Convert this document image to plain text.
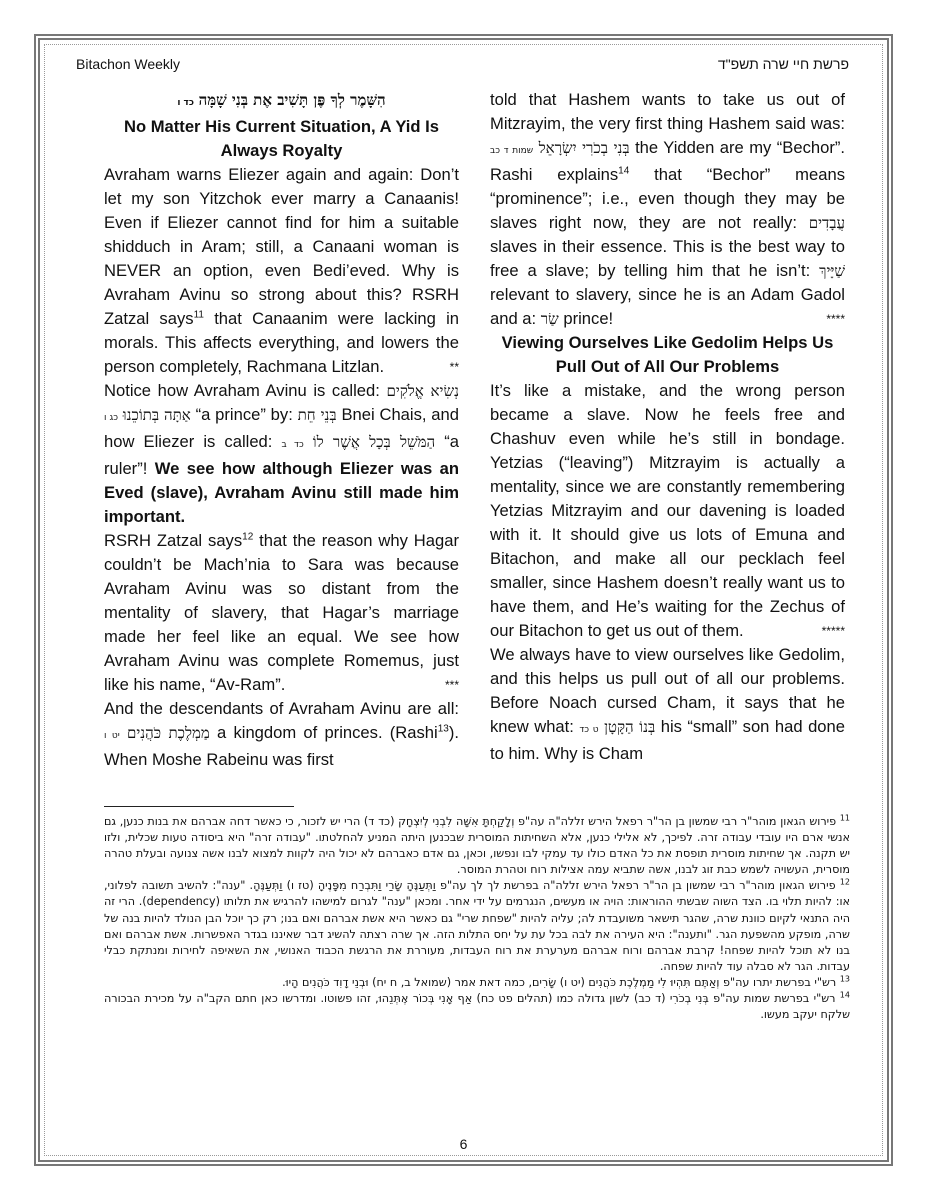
Bitachon Weekly	פרשת חיי שרה תשפ"ד

הִשָּׁמֶר לְךָ פֶּן תָּשִׁיב אֶת בְּנִי שָׁמָּה כד ו

No Matter His Current Situation, A Yid Is Always Royalty

Avraham warns Eliezer again and again: Don’t let my son Yitzchok ever marry a Canaanis! Even if Eliezer cannot find for him a suitable shidduch in Aram; still, a Canaani woman is NEVER an option, even Bedi’eved. Why is Avraham Avinu so strong about this? RSRH Zatzal says$^{11}$ that Canaanim were lacking in morals. This affects everything, and lowers the person completely, Rachmana Litzlan.	**

Notice how Avraham Avinu is called: נְשִׂיא אֱלֹקִים אַתָּה בְּתוֹכֵנוּ כג ו	“a prince” by: בְּנֵי חֵת Bnei Chais, and how Eliezer is called: הַמֹּשֵׁל בְּכָל אֲשֶׁר לוֹ כד ב	“a ruler”! We see how although Eliezer was an Eved (slave), Avraham Avinu still made him important.

RSRH Zatzal says$^{12}$ that the reason why Hagar couldn’t be Mach’nia to Sara was because Avraham Avinu was so distant from the mentality of slavery, that Hagar’s marriage made her feel like an equal. We see how Avraham Avinu was complete Romemus, just like his name, “Av-Ram”.	***

And the descendants of Avraham Avinu are all: מַמְלֶכֶת כֹּהֲנִים יט ו	a kingdom of princes. (Rashi$^{13}$). When Moshe Rabeinu was first

told that Hashem wants to take us out of Mitzrayim, the very first thing Hashem said was: בְּנִי בְכֹרִי יִשְׂרָאֵל שמות ד כב	the Yidden are my “Bechor”. Rashi explains$^{14}$ that “Bechor” means “prominence”; i.e., even though they may be slaves right now, they are not really: עֲבָדִים slaves in their essence. This is the best way to free a slave; by telling him that he isn’t: שַׁיָּיךְ relevant to slavery, since he is an Adam Gadol and a: שַׂר prince!	****

Viewing Ourselves Like Gedolim Helps Us Pull Out of All Our Problems

It’s like a mistake, and the wrong person became a slave. Now he feels free and Chashuv even while he’s still in bondage. Yetzias (“leaving”) Mitzrayim is actually a mentality, since we are constantly remembering Yetzias Mitzrayim and our davening is loaded with it. It should give us lots of Emuna and Bitachon, and make all our pecklach feel smaller, since Hashem doesn’t really want us to have them, and He’s waiting for the Zechus of our Bitachon to get us out of them.	*****

We always have to view ourselves like Gedolim, and this helps us pull out of all our problems. Before Noach cursed Cham, it says that he knew what: בְּנוֹ הַקָּטָן ט כד	his “small” son had done to him. Why is Cham

$^{11}$ פירוש הגאון מוהר"ר רבי שמשון בן הר"ר רפאל הירש זללה"ה עה"פ וְלָקַחְתָּ אִשָּׁה לִבְנִי לְיִצְחָק (כד ד) הרי יש לזכור, כי כאשר דחה אברהם את בנות כנען, גם אנשי ארם היו עובדי עבודה זרה. לפיכך, לא אלילי כנען, אלא השחיתות המוסרית שבכנען היתה המניע להחלטתו. "עבודה זרה" היא ביסודה טעות שכלית, ולזו יש תקנה. אך שחיתות מוסרית תופסת את כל האדם כולו עד עמקי לבו ונפשו, וכאן, גם אדם כאברהם לא יכול היה לקוות למצוא לבנו אשה צנועה ובעלת טהרה מוסרית, העשויה לשמש כבת זוג לבנו, אשה שתביא עמה אצילות רוח וטהרת המוסר.

$^{12}$ פירוש הגאון מוהר"ר רבי שמשון בן הר"ר רפאל הירש זללה"ה בפרשת לך לך עה"פ וַתְּעַנֶּהָ שָׂרַי וַתִּבְרַח מִפָּנֶיהָ (טז ו) וַתְּעַנֶּהָ. "ענה": להשיב תשובה לפלוני, או: להיות תלוי בו. הצד השוה שבשתי ההוראות: הויה או מעשים, הנגרמים על ידי אחר. ומכאן "ענה" לגרום למישהו להרגיש את תלותו (dependency). הרי זה היה התנאי לקיום כוונת שרה, שהגר תישאר משועבדת לה; עליה להיות "שפחת שרי" גם כאשר היא אשת אברהם ואם בנו; רק כך יוכל הבן הנולד להיות בנה של שרה, מופקע מהשפעת הגר. "ותענה": היא העירה את לבה בכל עת על יחס התלות הזה. אך שרה רצתה להשיג דבר שאיננו בגדר האפשרות. אשת אברהם ואם בנו לא תוכל להיות שפחה! קרבת אברהם ורוח אברהם מערערת את רוח העבדות, מעוררת את הרגשת הכבוד האנושי, את השאיפה לחירות ומנתקת כבלי עבדות. הגר לא סבלה עוד להיות שפחה.

$^{13}$ רש"י בפרשת יתרו עה"פ וְאַתֶּם תִּהְיוּ לִי מַמְלֶכֶת כֹּהֲנִים (יט ו) שָׂרִים, כמה דאת אמר (שמואל ב, ח יח) וּבְנֵי דָוִד כֹּהֲנִים הָיוּ.

$^{14}$ רש"י בפרשת שמות עה"פ בְּנִי בְכֹרִי (ד כב) לשון גדולה כמו (תהלים פט כח) אַף אָנִי בְּכוֹר אֶתְּנֵהוּ, זהו פשוטו. ומדרשו כאן חתם הקב"ה על מכירת הבכורה שלקח יעקב מעשו.

6
